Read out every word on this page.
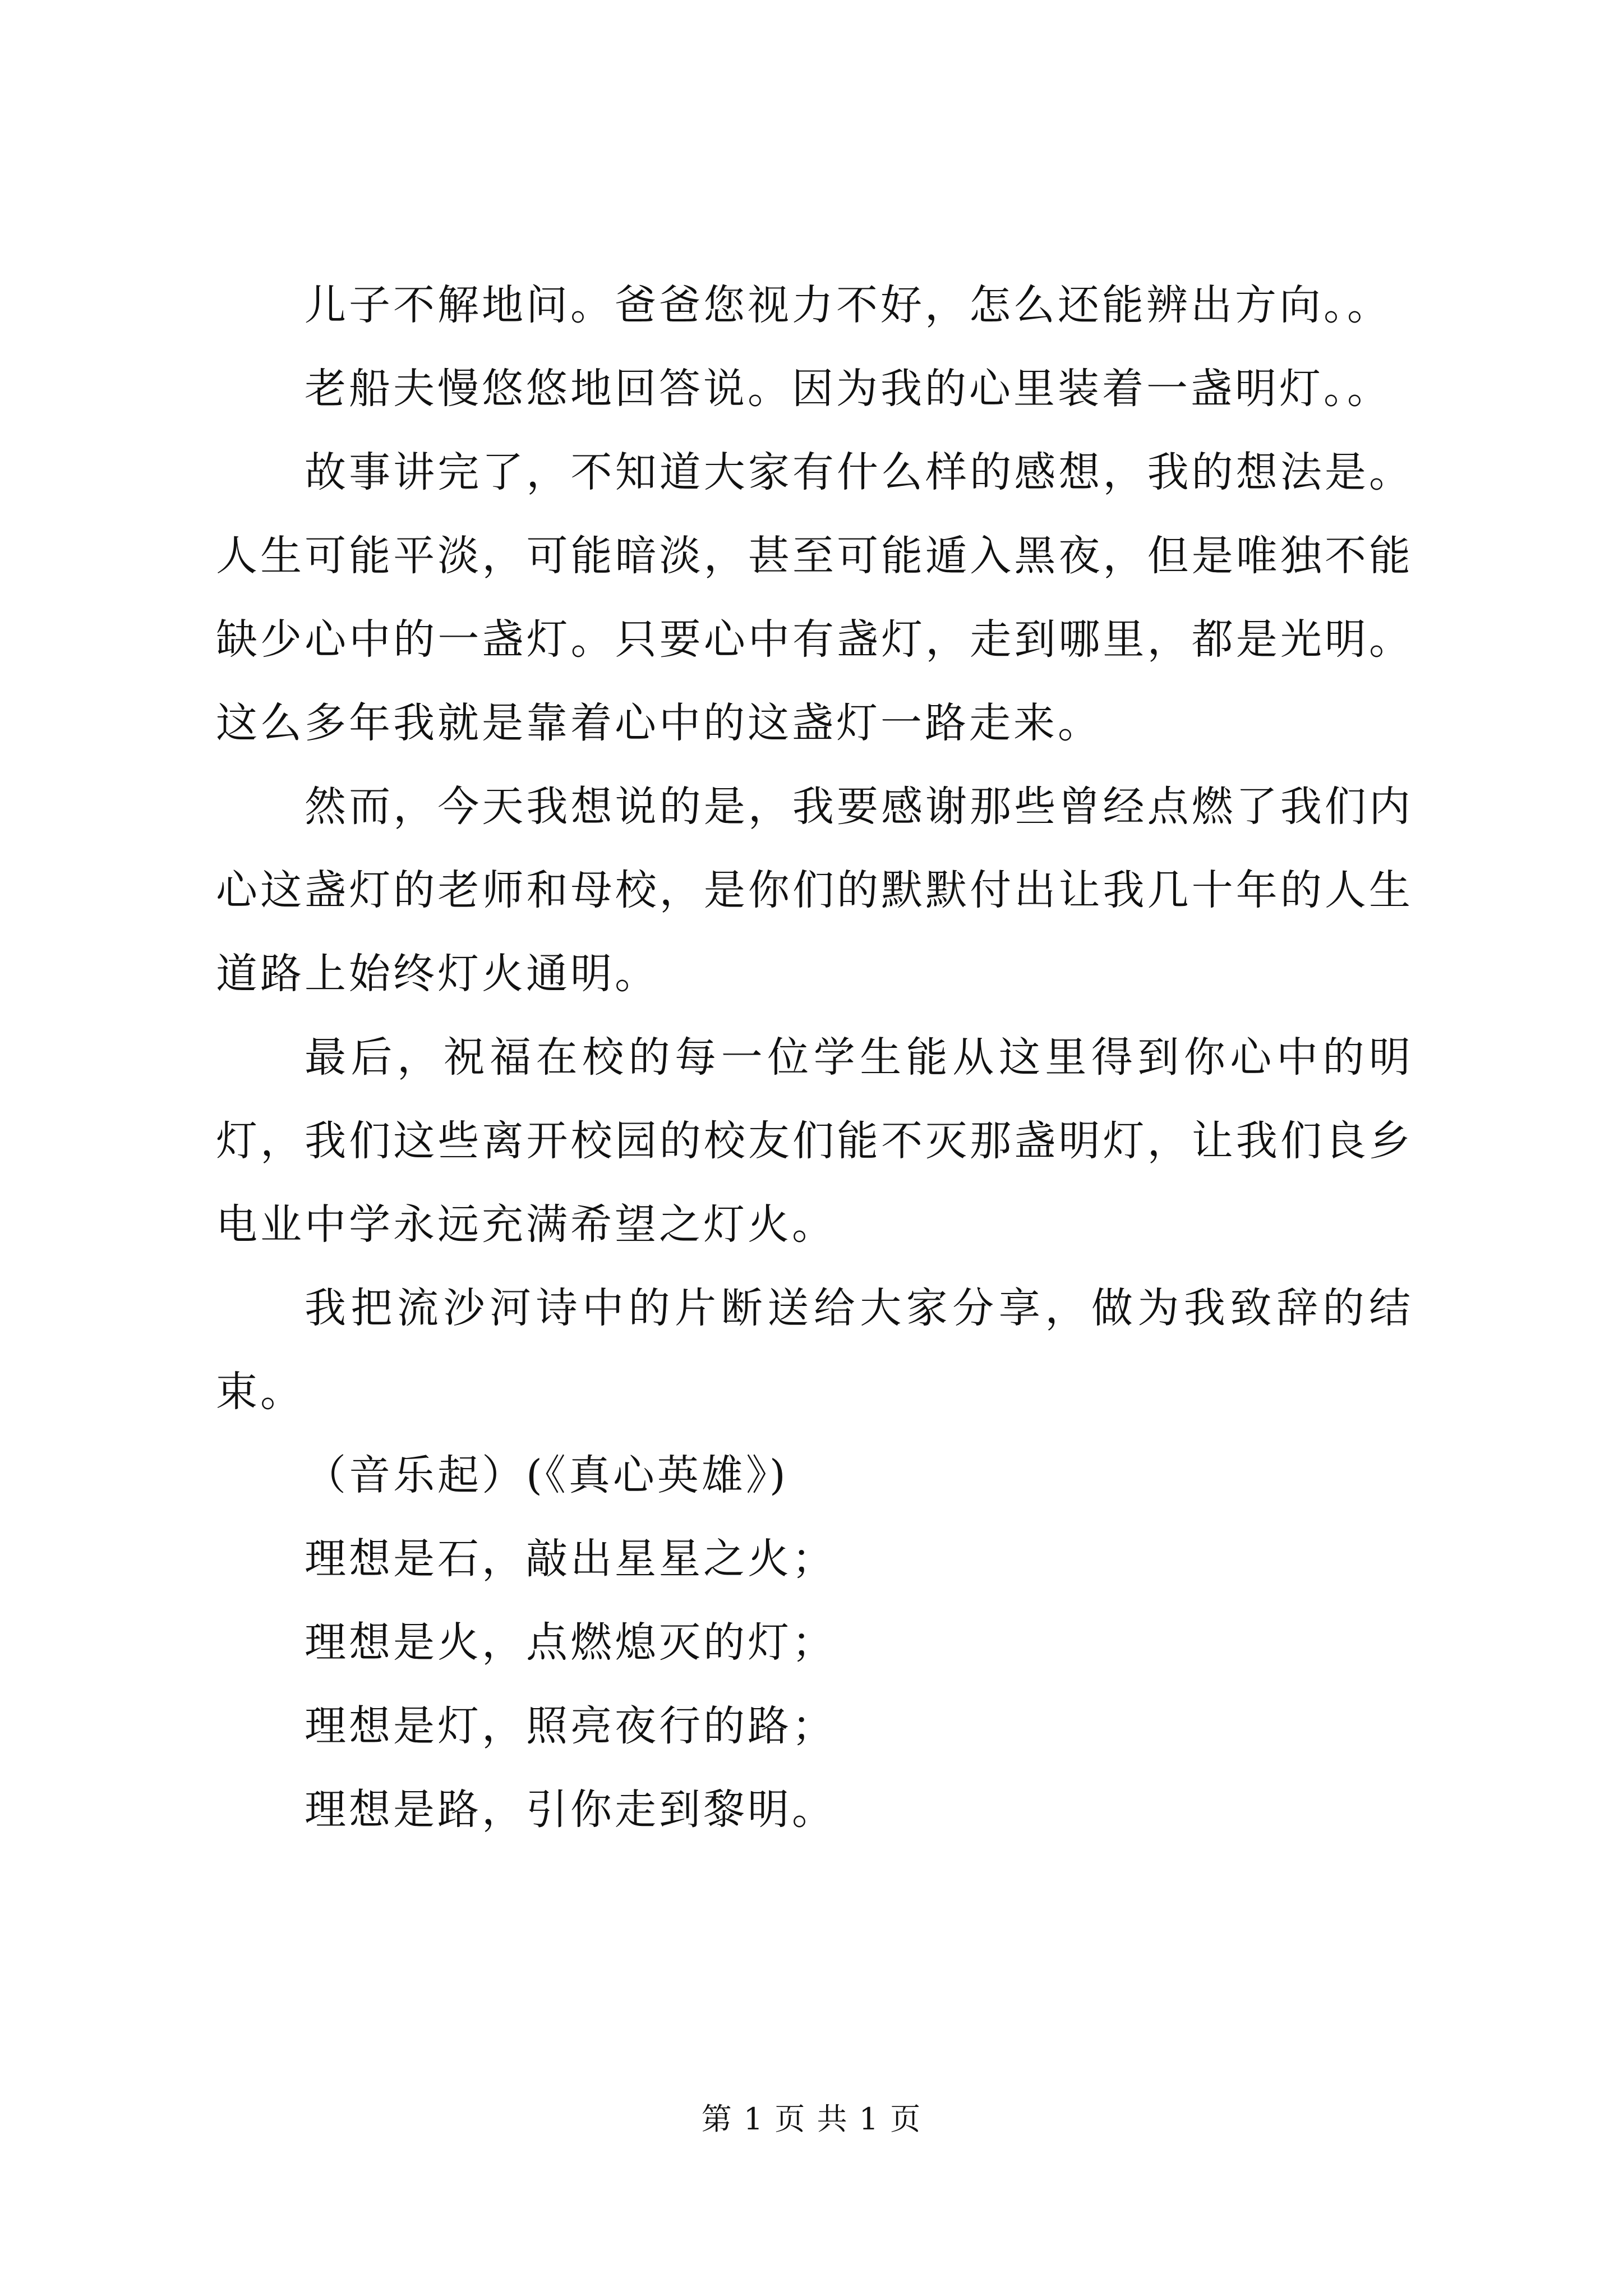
儿子不解地问。爸爸您视力不好，怎么还能辨出方向。。

老船夫慢悠悠地回答说。因为我的心里装着一盏明灯。。

故事讲完了，不知道大家有什么样的感想，我的想法是。人生可能平淡，可能暗淡，甚至可能遁入黑夜，但是唯独不能缺少心中的一盏灯。只要心中有盏灯，走到哪里，都是光明。这么多年我就是靠着心中的这盏灯一路走来。

然而，今天我想说的是，我要感谢那些曾经点燃了我们内心这盏灯的老师和母校，是你们的默默付出让我几十年的人生道路上始终灯火通明。

最后，祝福在校的每一位学生能从这里得到你心中的明灯，我们这些离开校园的校友们能不灭那盏明灯，让我们良乡电业中学永远充满希望之灯火。

我把流沙河诗中的片断送给大家分享，做为我致辞的结束。

（音乐起）(《真心英雄》)

理想是石，敲出星星之火；

理想是火，点燃熄灭的灯；

理想是灯，照亮夜行的路；

理想是路，引你走到黎明。

第 1 页 共 1 页
